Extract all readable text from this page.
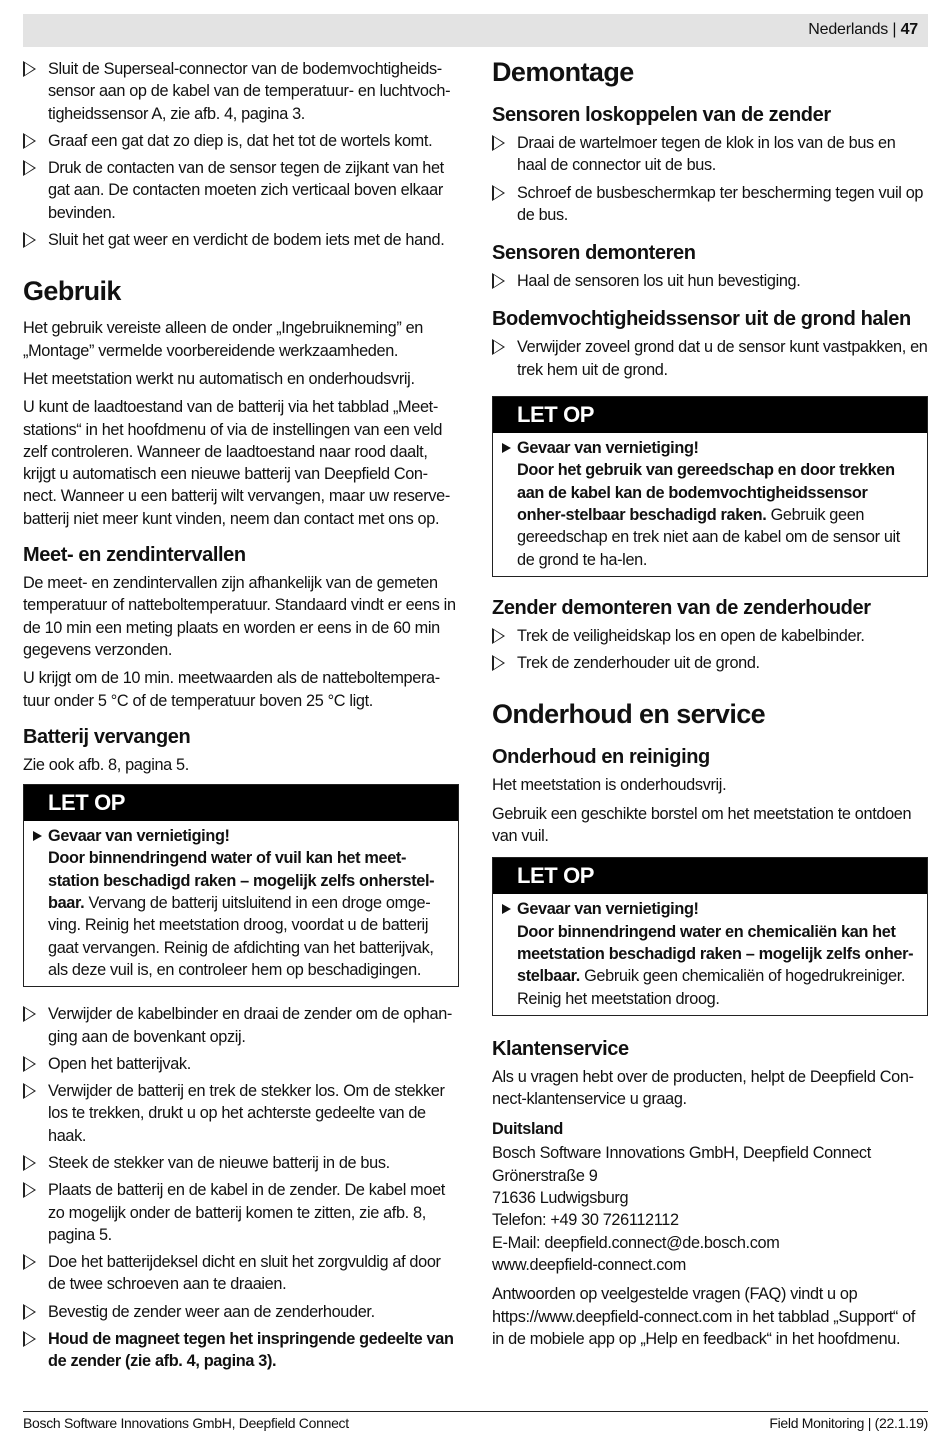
Nederlands | 47
Sluit de Superseal-connector van de bodemvochtigheids-sensor aan op de kabel van de temperatuur- en luchtvoch-tigheidssensor A, zie afb. 4, pagina 3.
Graaf een gat dat zo diep is, dat het tot de wortels komt.
Druk de contacten van de sensor tegen de zijkant van het gat aan. De contacten moeten zich verticaal boven elkaar bevinden.
Sluit het gat weer en verdicht de bodem iets met de hand.
Gebruik

Het gebruik vereiste alleen de onder „Ingebruikneming” en „Montage” vermelde voorbereidende werkzaamheden.

Het meetstation werkt nu automatisch en onderhoudsvrij.

U kunt de laadtoestand van de batterij via het tabblad „Meet-stations“ in het hoofdmenu of via de instellingen van een veld zelf controleren. Wanneer de laadtoestand naar rood daalt, krijgt u automatisch een nieuwe batterij van Deepfield Con-nect. Wanneer u een batterij wilt vervangen, maar uw reserve-batterij niet meer kunt vinden, neem dan contact met ons op.

Meet- en zendintervallen

De meet- en zendintervallen zijn afhankelijk van de gemeten temperatuur of natteboltemperatuur. Standaard vindt er eens in de 10 min een meting plaats en worden er eens in de 60 min gegevens verzonden.

U krijgt om de 10 min. meetwaarden als de natteboltempera-tuur onder 5 °C of de temperatuur boven 25 °C ligt.

Batterij vervangen

Zie ook afb. 8, pagina 5.

LET OP
Gevaar van vernietiging!
Door binnendringend water of vuil kan het meet-station beschadigd raken – mogelijk zelfs onherstel-baar. Vervang de batterij uitsluitend in een droge omge-ving. Reinig het meetstation droog, voordat u de batterij gaat vervangen. Reinig de afdichting van het batterijvak, als deze vuil is, en controleer hem op beschadigingen.
Verwijder de kabelbinder en draai de zender om de ophan-ging aan de bovenkant opzij.
Open het batterijvak.
Verwijder de batterij en trek de stekker los. Om de stekker los te trekken, drukt u op het achterste gedeelte van de haak.
Steek de stekker van de nieuwe batterij in de bus.
Plaats de batterij en de kabel in de zender. De kabel moet zo mogelijk onder de batterij komen te zitten, zie afb. 8, pagina 5.
Doe het batterijdeksel dicht en sluit het zorgvuldig af door de twee schroeven aan te draaien.
Bevestig de zender weer aan de zenderhouder.
Houd de magneet tegen het inspringende gedeelte van de zender (zie afb. 4, pagina 3).
Demontage
Sensoren loskoppelen van de zender
Draai de wartelmoer tegen de klok in los van de bus en haal de connector uit de bus.
Schroef de busbeschermkap ter bescherming tegen vuil op de bus.
Sensoren demonteren
Haal de sensoren los uit hun bevestiging.
Bodemvochtigheidssensor uit de grond halen
Verwijder zoveel grond dat u de sensor kunt vastpakken, en trek hem uit de grond.
LET OP
Gevaar van vernietiging!
Door het gebruik van gereedschap en door trekken aan de kabel kan de bodemvochtigheidssensor onher-stelbaar beschadigd raken. Gebruik geen gereedschap en trek niet aan de kabel om de sensor uit de grond te ha-len.
Zender demonteren van de zenderhouder
Trek de veiligheidskap los en open de kabelbinder.
Trek de zenderhouder uit de grond.
Onderhoud en service
Onderhoud en reiniging

Het meetstation is onderhoudsvrij.

Gebruik een geschikte borstel om het meetstation te ontdoen van vuil.

LET OP
Gevaar van vernietiging!
Door binnendringend water en chemicaliën kan het meetstation beschadigd raken – mogelijk zelfs onher-stelbaar. Gebruik geen chemicaliën of hogedrukreiniger. Reinig het meetstation droog.
Klantenservice

Als u vragen hebt over de producten, helpt de Deepfield Con-nect-klantenservice u graag.

Duitsland
Bosch Software Innovations GmbH, Deepfield Connect
Grönerstraße 9
71636 Ludwigsburg
Telefon: +49 30 726112112
E-Mail: deepfield.connect@de.bosch.com
www.deepfield-connect.com

Antwoorden op veelgestelde vragen (FAQ) vindt u op https://www.deepfield-connect.com in het tabblad „Support“ of in de mobiele app op „Help en feedback“ in het hoofdmenu.

Bosch Software Innovations GmbH, Deepfield Connect	Field Monitoring | (22.1.19)
